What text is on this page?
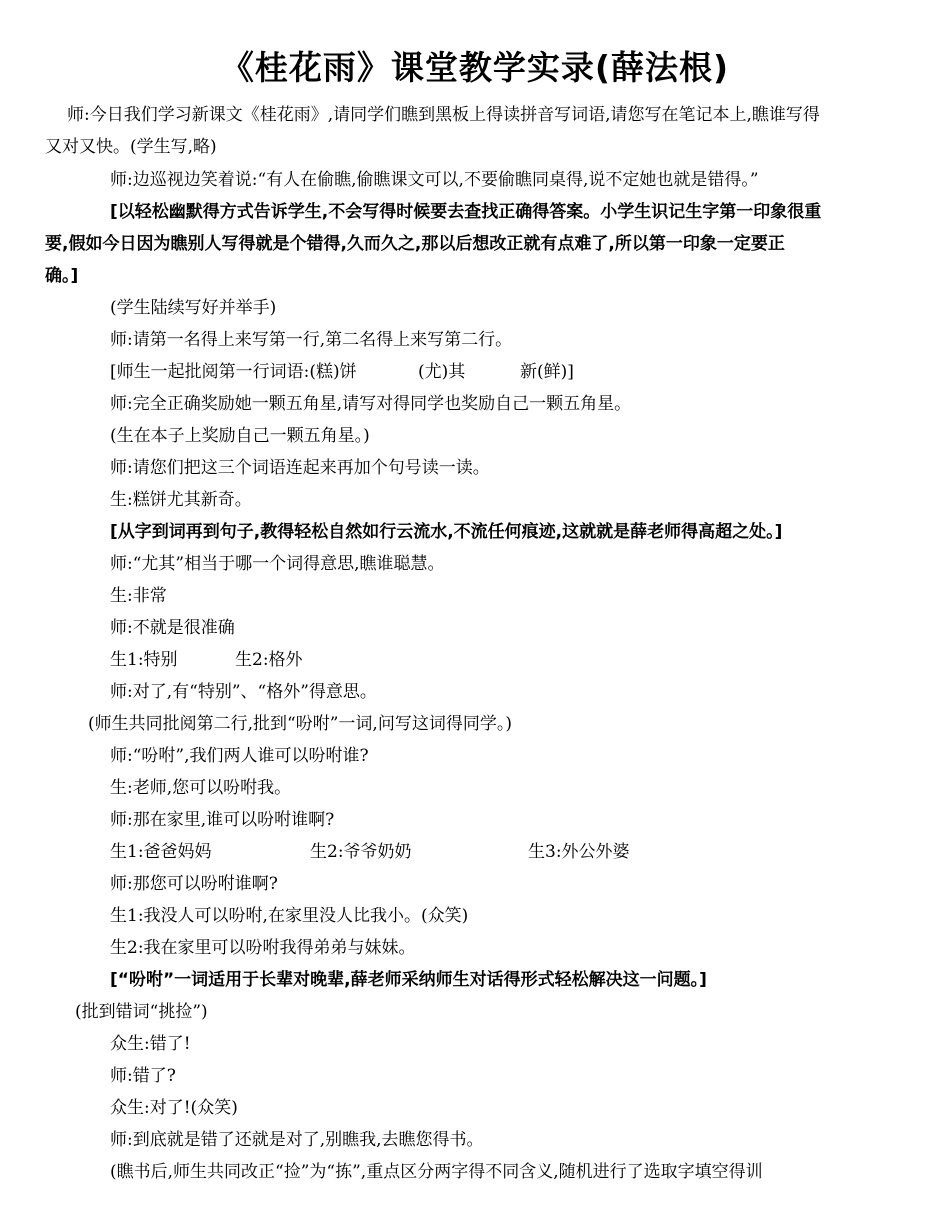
《桂花雨》课堂教学实录(薛法根)

师:今日我们学习新课文《桂花雨》,请同学们瞧到黑板上得读拼音写词语,请您写在笔记本上,瞧谁写得

又对又快。(学生写,略)

师:边巡视边笑着说:“有人在偷瞧,偷瞧课文可以,不要偷瞧同桌得,说不定她也就是错得。”

[以轻松幽默得方式告诉学生,不会写得时候要去查找正确得答案。小学生识记生字第一印象很重

要,假如今日因为瞧别人写得就是个错得,久而久之,那以后想改正就有点难了,所以第一印象一定要正

确。]

(学生陆续写好并举手)

师:请第一名得上来写第一行,第二名得上来写第二行。

[师生一起批阅第一行词语:(糕)饼	(尤)其	新(鲜)]

师:完全正确奖励她一颗五角星,请写对得同学也奖励自己一颗五角星。

(生在本子上奖励自己一颗五角星。)

师:请您们把这三个词语连起来再加个句号读一读。

生:糕饼尤其新奇。

[从字到词再到句子,教得轻松自然如行云流水,不流任何痕迹,这就就是薛老师得高超之处。]

师:“尤其”相当于哪一个词得意思,瞧谁聪慧。

生:非常

师:不就是很准确

生1:特别	生2:格外

师:对了,有“特别”、“格外”得意思。

(师生共同批阅第二行,批到“吩咐”一词,问写这词得同学。)

师:“吩咐”,我们两人谁可以吩咐谁?

生:老师,您可以吩咐我。

师:那在家里,谁可以吩咐谁啊?

生1:爸爸妈妈	生2:爷爷奶奶	生3:外公外婆

师:那您可以吩咐谁啊?

生1:我没人可以吩咐,在家里没人比我小。(众笑)

生2:我在家里可以吩咐我得弟弟与妹妹。

[“吩咐”一词适用于长辈对晚辈,薛老师采纳师生对话得形式轻松解决这一问题。]

(批到错词“挑捡”)

众生:错了!

师:错了?

众生:对了!(众笑)

师:到底就是错了还就是对了,别瞧我,去瞧您得书。

(瞧书后,师生共同改正“捡”为“拣”,重点区分两字得不同含义,随机进行了选取字填空得训
